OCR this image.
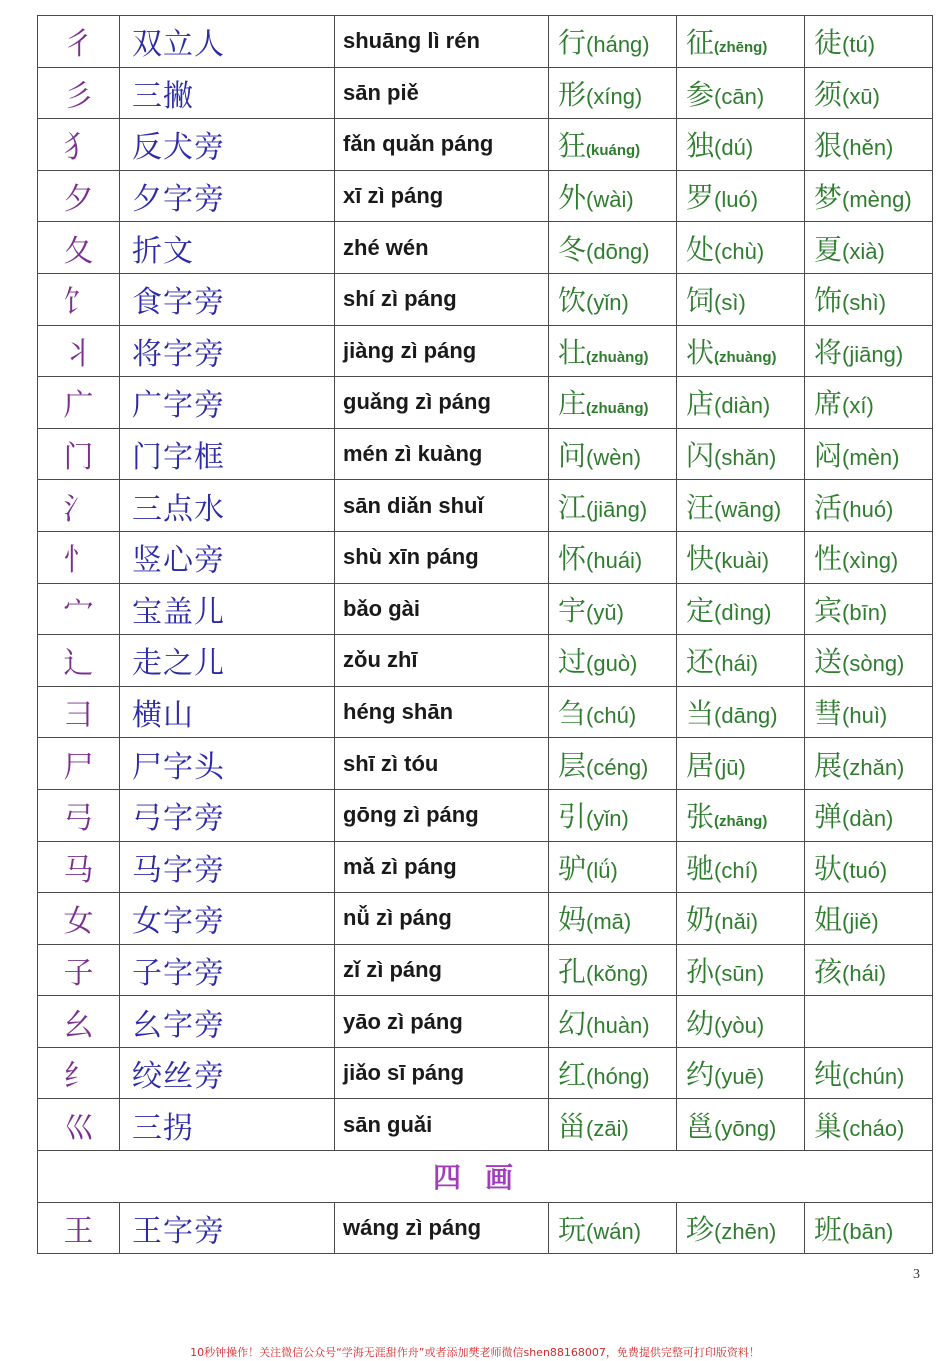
彳	双立人	shuāng lì rén	行(háng)	征(zhēng)	徒(tú)
彡	三撇	sān piě	形(xíng)	参(cān)	须(xū)
犭	反犬旁	fǎn quǎn páng	狂(kuáng)	独(dú)	狠(hěn)
夕	夕字旁	xī zì páng	外(wài)	罗(luó)	梦(mèng)
夂	折文	zhé wén	冬(dōng)	处(chù)	夏(xià)
饣	食字旁	shí zì páng	饮(yǐn)	饲(sì)	饰(shì)
丬	将字旁	jiàng zì páng	壮(zhuàng)	状(zhuàng)	将(jiāng)
广	广字旁	guǎng zì páng	庄(zhuāng)	店(diàn)	席(xí)
门	门字框	mén zì kuàng	问(wèn)	闪(shǎn)	闷(mèn)
氵	三点水	sān diǎn shuǐ	江(jiāng)	汪(wāng)	活(huó)
忄	竖心旁	shù xīn páng	怀(huái)	快(kuài)	性(xìng)
宀	宝盖儿	bǎo gài	宇(yǔ)	定(dìng)	宾(bīn)
辶	走之儿	zǒu zhī	过(guò)	还(hái)	送(sòng)
彐	横山	héng shān	刍(chú)	当(dāng)	彗(huì)
尸	尸字头	shī zì tóu	层(céng)	居(jū)	展(zhǎn)
弓	弓字旁	gōng zì páng	引(yǐn)	张(zhāng)	弹(dàn)
马	马字旁	mǎ zì páng	驴(lǘ)	驰(chí)	驮(tuó)
女	女字旁	nǚ zì páng	妈(mā)	奶(nǎi)	姐(jiě)
子	子字旁	zǐ zì páng	孔(kǒng)	孙(sūn)	孩(hái)
幺	幺字旁	yāo zì páng	幻(huàn)	幼(yòu)	
纟	绞丝旁	jiǎo sī páng	红(hóng)	约(yuē)	纯(chún)
巛	三拐	sān guǎi	甾(zāi)	邕(yōng)	巢(cháo)
四画					
王	王字旁	wáng zì páng	玩(wán)	珍(zhēn)	班(bān)
3
10秒钟操作！关注微信公众号“学海无涯甜作舟”或者添加樊老师微信shen88168007，免费提供完整可打印版资料！
